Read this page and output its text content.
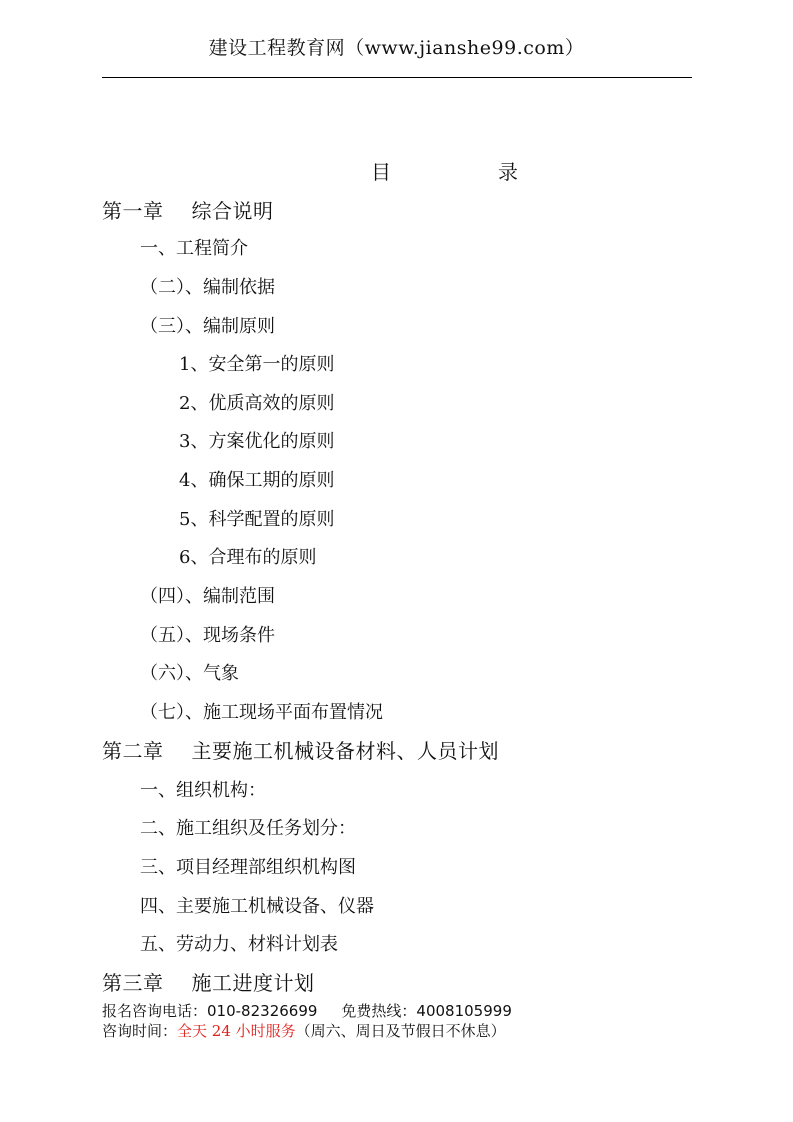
建设工程教育网（www.jianshe99.com）
目	录
第一章 综合说明
一、工程简介
（二）、编制依据
（三）、编制原则
1、安全第一的原则
2、优质高效的原则
3、方案优化的原则
4、确保工期的原则
5、科学配置的原则
6、合理布的原则
（四）、编制范围
（五）、现场条件
（六）、气象
（七）、施工现场平面布置情况
第二章 主要施工机械设备材料、人员计划
一、组织机构：
二、施工组织及任务划分：
三、项目经理部组织机构图
四、主要施工机械设备、仪器
五、劳动力、材料计划表
第三章 施工进度计划
报名咨询电话：010-82326699 免费热线：4008105999
咨询时间：全天 24 小时服务（周六、周日及节假日不休息）
